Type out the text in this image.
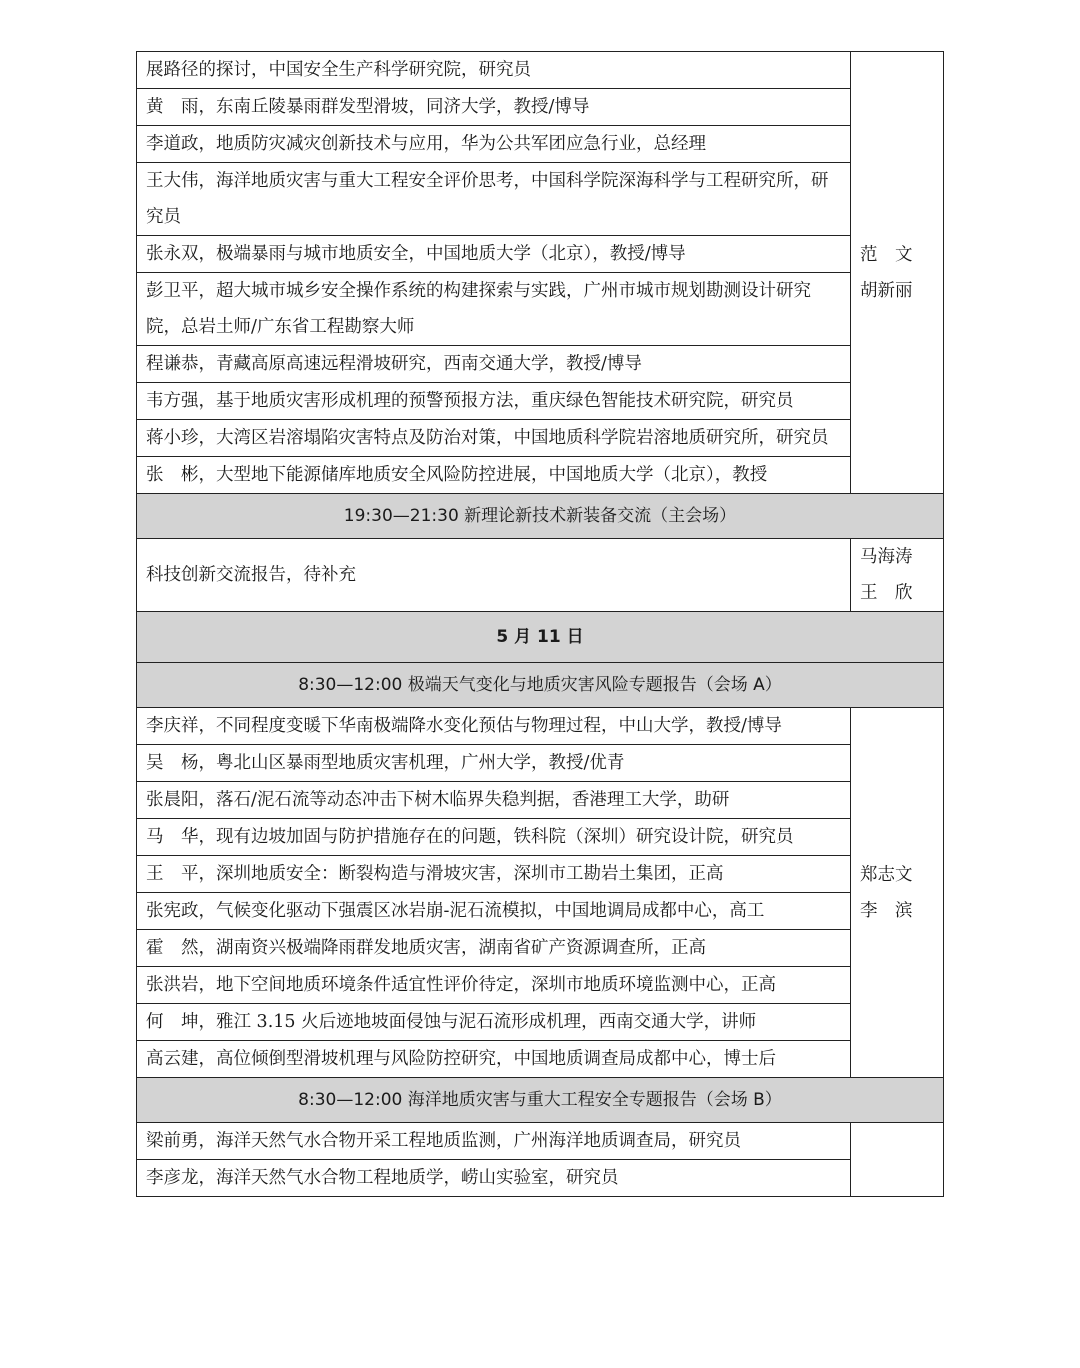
展路径的探讨，中国安全生产科学研究院，研究员	范　文
胡新丽

黄　雨，东南丘陵暴雨群发型滑坡，同济大学，教授/博导	
李道政，地质防灾减灾创新技术与应用，华为公共军团应急行业，总经理	
王大伟，海洋地质灾害与重大工程安全评价思考，中国科学院深海科学与工程研究所，研究员	
张永双，极端暴雨与城市地质安全，中国地质大学（北京），教授/博导	
彭卫平，超大城市城乡安全操作系统的构建探索与实践，广州市城市规划勘测设计研究院，总岩土师/广东省工程勘察大师	
程谦恭，青藏高原高速远程滑坡研究，西南交通大学，教授/博导	
韦方强，基于地质灾害形成机理的预警预报方法，重庆绿色智能技术研究院，研究员	
蒋小珍，大湾区岩溶塌陷灾害特点及防治对策，中国地质科学院岩溶地质研究所，研究员	
张　彬，大型地下能源储库地质安全风险防控进展，中国地质大学（北京），教授	
19:30—21:30 新理论新技术新装备交流（主会场）	
科技创新交流报告，待补充	马海涛
王　欣

5 月 11 日	
8:30—12:00 极端天气变化与地质灾害风险专题报告（会场 A）	
李庆祥，不同程度变暖下华南极端降水变化预估与物理过程，中山大学，教授/博导	郑志文
李　滨

吴　杨，粤北山区暴雨型地质灾害机理，广州大学，教授/优青	
张晨阳，落石/泥石流等动态冲击下树木临界失稳判据，香港理工大学，助研	
马　华，现有边坡加固与防护措施存在的问题，铁科院（深圳）研究设计院，研究员	
王　平，深圳地质安全：断裂构造与滑坡灾害，深圳市工勘岩土集团，正高	
张宪政，气候变化驱动下强震区冰岩崩-泥石流模拟，中国地调局成都中心，高工	
霍　然，湖南资兴极端降雨群发地质灾害，湖南省矿产资源调查所，正高	
张洪岩，地下空间地质环境条件适宜性评价待定，深圳市地质环境监测中心，正高	
何　坤，雅江 3.15 火后迹地坡面侵蚀与泥石流形成机理，西南交通大学，讲师	
高云建，高位倾倒型滑坡机理与风险防控研究，中国地质调查局成都中心，博士后	
8:30—12:00 海洋地质灾害与重大工程安全专题报告（会场 B）	
梁前勇，海洋天然气水合物开采工程地质监测，广州海洋地质调查局，研究员	
李彦龙，海洋天然气水合物工程地质学，崂山实验室，研究员	
